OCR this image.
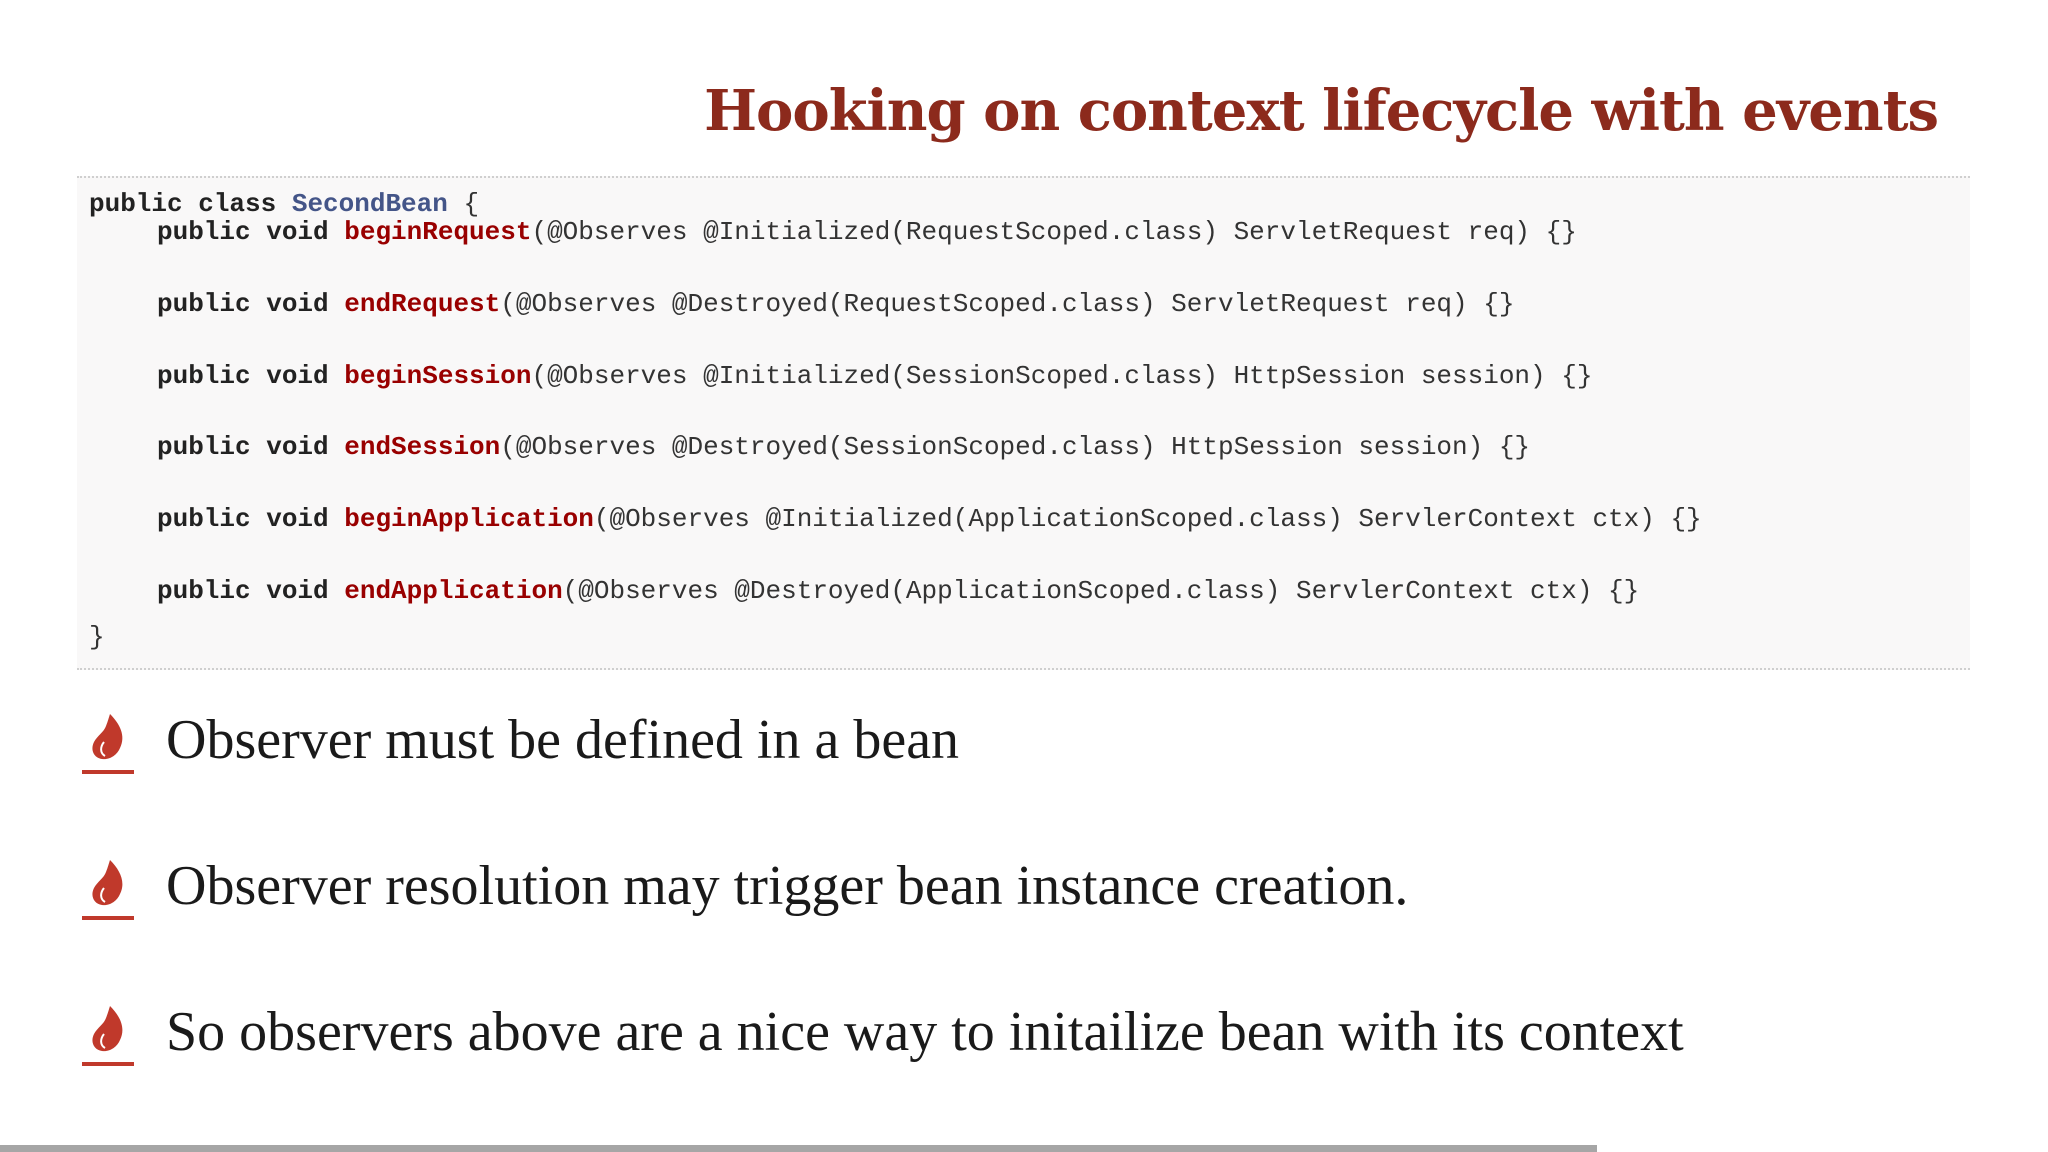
Hooking on context lifecycle with events
public class SecondBean {
public void beginRequest(@Observes @Initialized(RequestScoped.class) ServletRequest req) {}
public void endRequest(@Observes @Destroyed(RequestScoped.class) ServletRequest req) {}
public void beginSession(@Observes @Initialized(SessionScoped.class) HttpSession session) {}
public void endSession(@Observes @Destroyed(SessionScoped.class) HttpSession session) {}
public void beginApplication(@Observes @Initialized(ApplicationScoped.class) ServlerContext ctx) {}
public void endApplication(@Observes @Destroyed(ApplicationScoped.class) ServlerContext ctx) {}
}
Observer must be defined in a bean
Observer resolution may trigger bean instance creation.
So observers above are a nice way to initailize bean with its context
